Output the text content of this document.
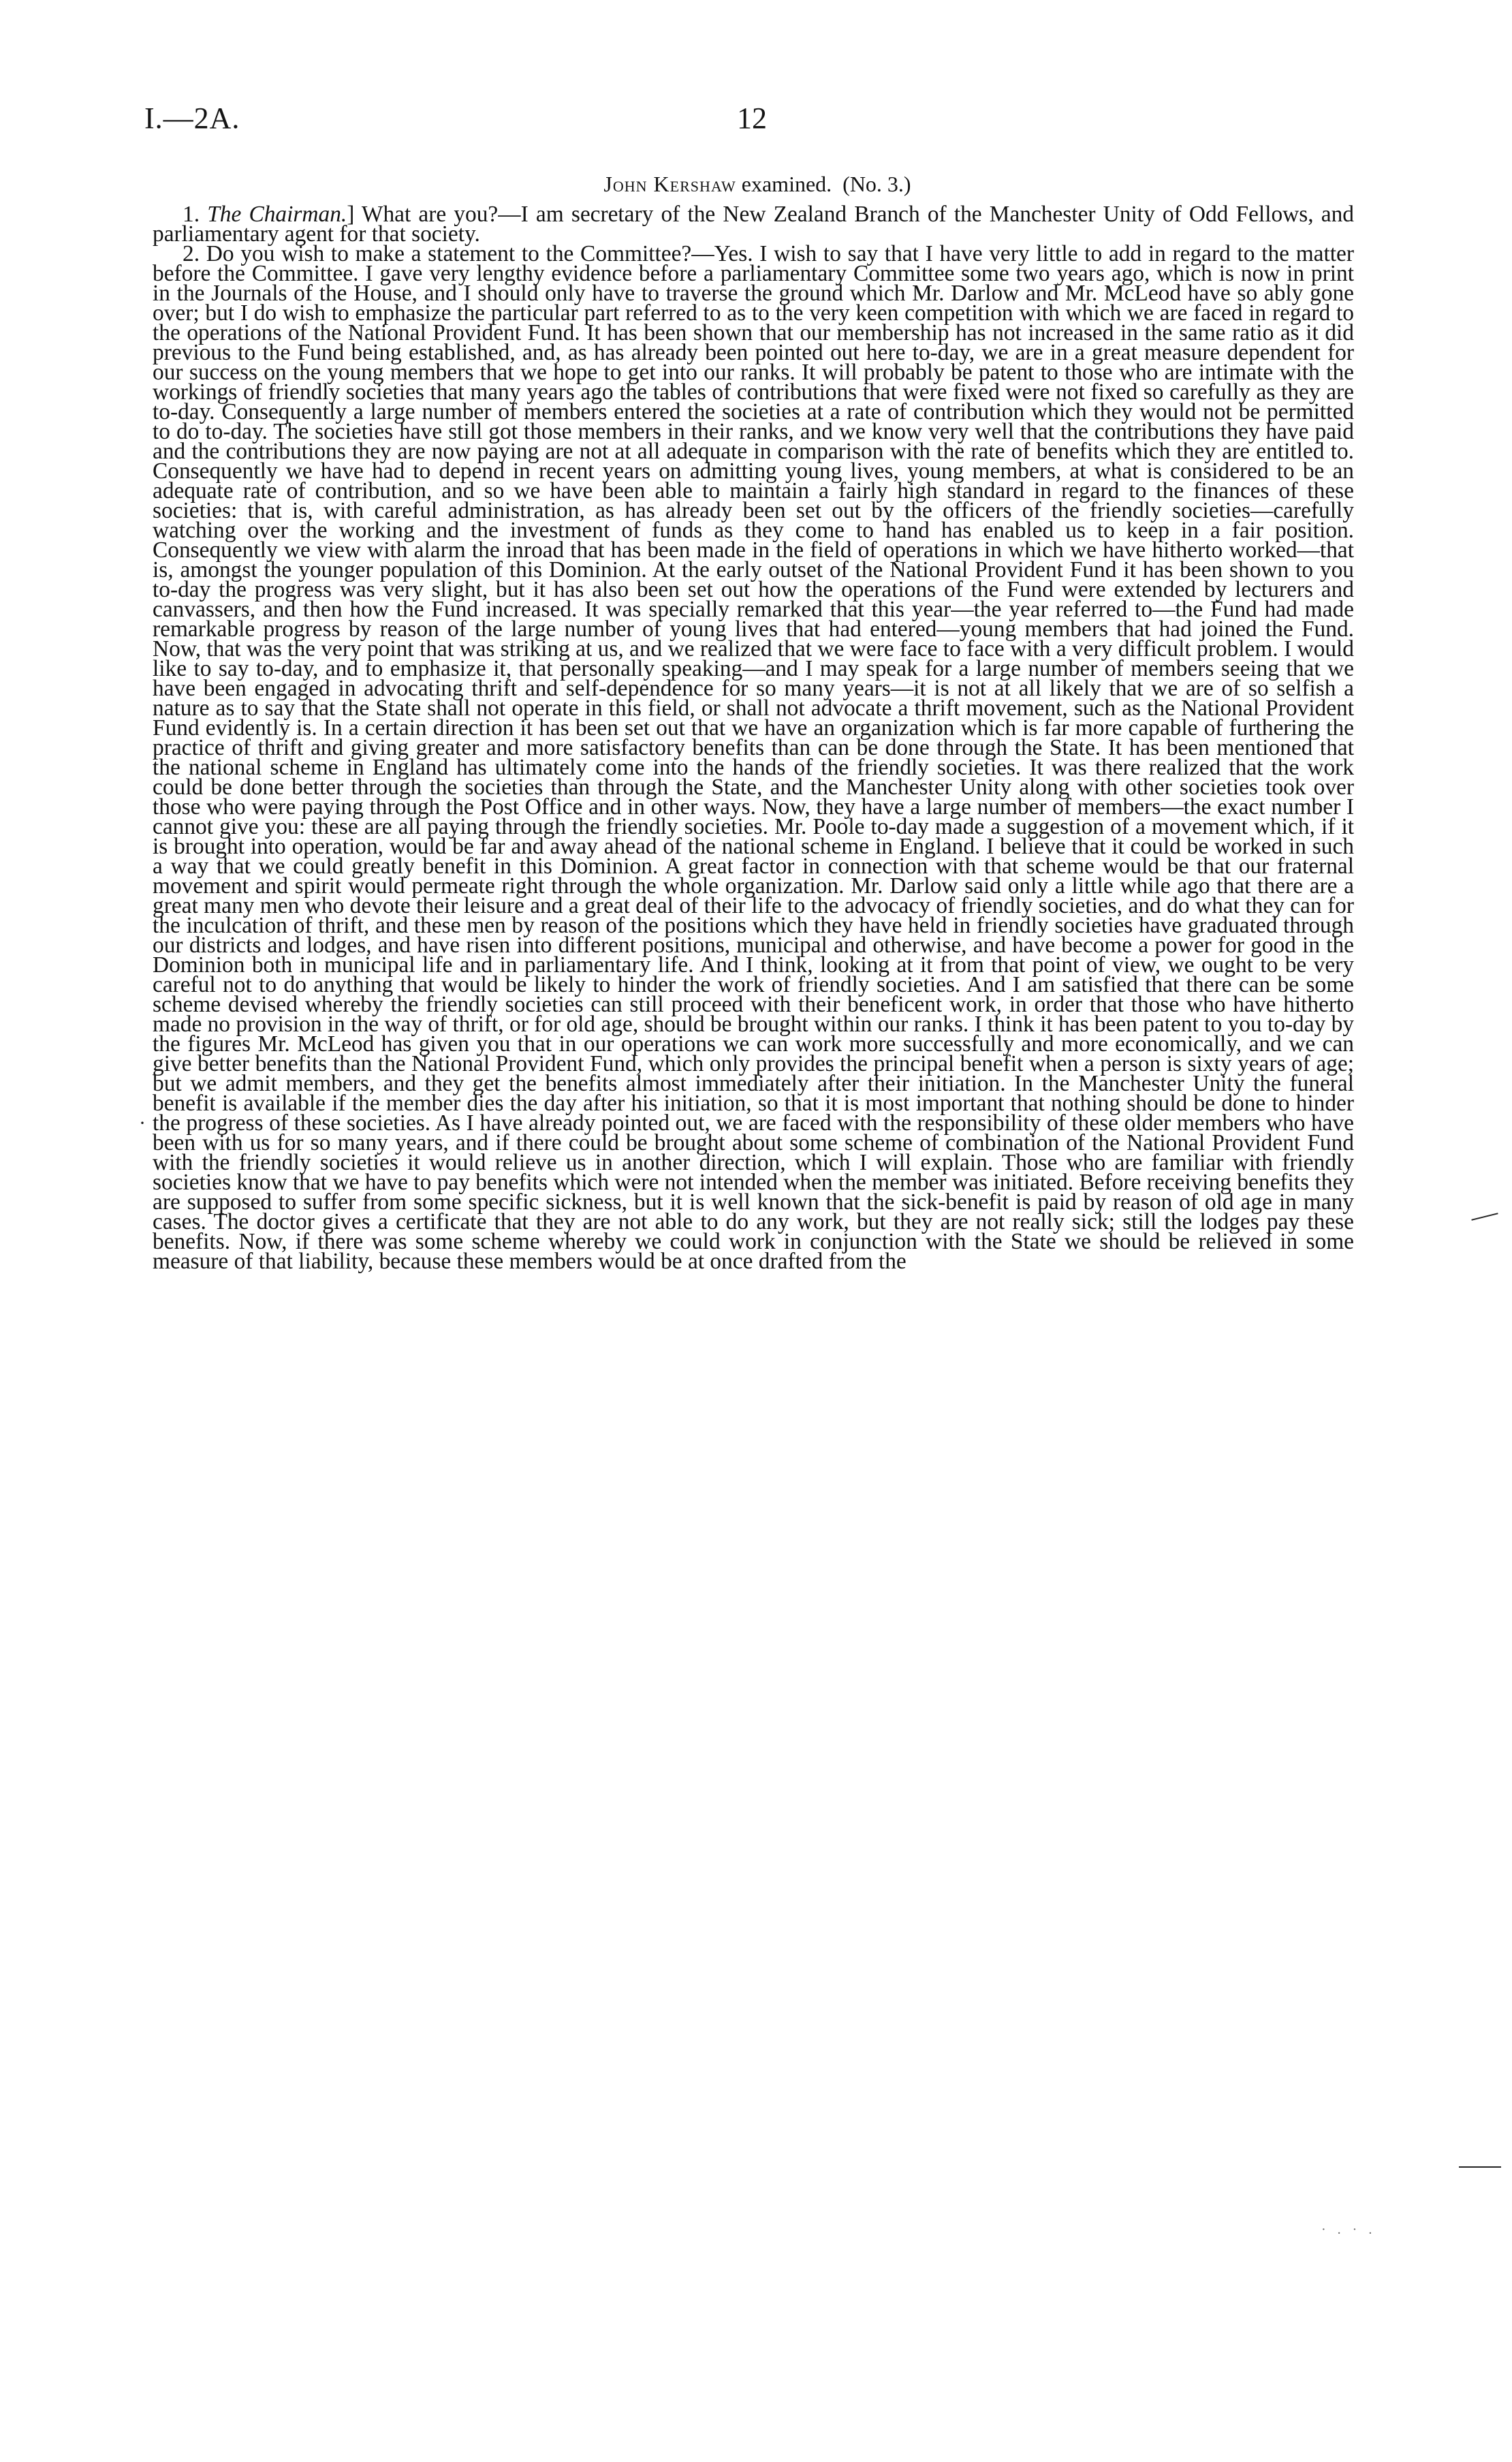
I.—2A.	12
John Kershaw examined. (No. 3.)

1. The Chairman.] What are you?—I am secretary of the New Zealand Branch of the Manchester Unity of Odd Fellows, and parliamentary agent for that society.

2. Do you wish to make a statement to the Committee?—Yes. I wish to say that I have very little to add in regard to the matter before the Committee. I gave very lengthy evidence before a parliamentary Committee some two years ago, which is now in print in the Journals of the House, and I should only have to traverse the ground which Mr. Darlow and Mr. McLeod have so ably gone over; but I do wish to emphasize the particular part referred to as to the very keen competition with which we are faced in regard to the operations of the National Provident Fund. It has been shown that our membership has not increased in the same ratio as it did previous to the Fund being established, and, as has already been pointed out here to-day, we are in a great measure dependent for our success on the young members that we hope to get into our ranks. It will probably be patent to those who are intimate with the workings of friendly societies that many years ago the tables of contributions that were fixed were not fixed so carefully as they are to-day. Consequently a large number of members entered the societies at a rate of contribution which they would not be permitted to do to-day. The societies have still got those members in their ranks, and we know very well that the contributions they have paid and the contributions they are now paying are not at all adequate in comparison with the rate of benefits which they are entitled to. Consequently we have had to depend in recent years on admitting young lives, young members, at what is considered to be an adequate rate of contribution, and so we have been able to maintain a fairly high standard in regard to the finances of these societies: that is, with careful administration, as has already been set out by the officers of the friendly societies—carefully watching over the working and the investment of funds as they come to hand has enabled us to keep in a fair position. Consequently we view with alarm the inroad that has been made in the field of operations in which we have hitherto worked—that is, amongst the younger population of this Dominion. At the early outset of the National Provident Fund it has been shown to you to-day the progress was very slight, but it has also been set out how the operations of the Fund were extended by lecturers and canvassers, and then how the Fund increased. It was specially remarked that this year—the year referred to—the Fund had made remarkable progress by reason of the large number of young lives that had entered—young members that had joined the Fund. Now, that was the very point that was striking at us, and we realized that we were face to face with a very difficult problem. I would like to say to-day, and to emphasize it, that personally speaking—and I may speak for a large number of members seeing that we have been engaged in advocating thrift and self-dependence for so many years—it is not at all likely that we are of so selfish a nature as to say that the State shall not operate in this field, or shall not advocate a thrift movement, such as the National Provident Fund evidently is. In a certain direction it has been set out that we have an organization which is far more capable of furthering the practice of thrift and giving greater and more satisfactory benefits than can be done through the State. It has been mentioned that the national scheme in England has ultimately come into the hands of the friendly societies. It was there realized that the work could be done better through the societies than through the State, and the Manchester Unity along with other societies took over those who were paying through the Post Office and in other ways. Now, they have a large number of members—the exact number I cannot give you: these are all paying through the friendly societies. Mr. Poole to-day made a suggestion of a movement which, if it is brought into operation, would be far and away ahead of the national scheme in England. I believe that it could be worked in such a way that we could greatly benefit in this Dominion. A great factor in connection with that scheme would be that our fraternal movement and spirit would permeate right through the whole organization. Mr. Darlow said only a little while ago that there are a great many men who devote their leisure and a great deal of their life to the advocacy of friendly societies, and do what they can for the inculcation of thrift, and these men by reason of the positions which they have held in friendly societies have graduated through our districts and lodges, and have risen into different positions, municipal and otherwise, and have become a power for good in the Dominion both in municipal life and in parliamentary life. And I think, looking at it from that point of view, we ought to be very careful not to do anything that would be likely to hinder the work of friendly societies. And I am satisfied that there can be some scheme devised whereby the friendly societies can still proceed with their beneficent work, in order that those who have hitherto made no provision in the way of thrift, or for old age, should be brought within our ranks. I think it has been patent to you to-day by the figures Mr. McLeod has given you that in our operations we can work more successfully and more economically, and we can give better benefits than the National Provident Fund, which only provides the principal benefit when a person is sixty years of age; but we admit members, and they get the benefits almost immediately after their initiation. In the Manchester Unity the funeral benefit is available if the member dies the day after his initiation, so that it is most important that nothing should be done to hinder the progress of these societies. As I have already pointed out, we are faced with the responsibility of these older members who have been with us for so many years, and if there could be brought about some scheme of combination of the National Provident Fund with the friendly societies it would relieve us in another direction, which I will explain. Those who are familiar with friendly societies know that we have to pay benefits which were not intended when the member was initiated. Before receiving benefits they are supposed to suffer from some specific sickness, but it is well known that the sick-benefit is paid by reason of old age in many cases. The doctor gives a certificate that they are not able to do any work, but they are not really sick; still the lodges pay these benefits. Now, if there was some scheme whereby we could work in conjunction with the State we should be relieved in some measure of that liability, because these members would be at once drafted from the

·
· . · .
